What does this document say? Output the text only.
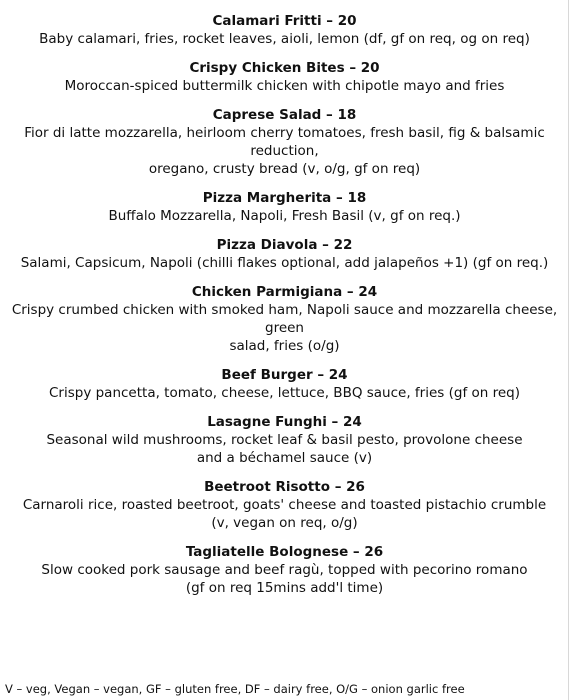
Calamari Fritti – 20
Baby calamari, fries, rocket leaves, aioli, lemon (df, gf on req, og on req)
Crispy Chicken Bites – 20
Moroccan-spiced buttermilk chicken with chipotle mayo and fries
Caprese Salad – 18
Fior di latte mozzarella, heirloom cherry tomatoes, fresh basil, fig & balsamic reduction,
oregano, crusty bread (v, o/g, gf on req)
Pizza Margherita – 18
Buffalo Mozzarella, Napoli, Fresh Basil (v, gf on req.)
Pizza Diavola – 22
Salami, Capsicum, Napoli (chilli flakes optional, add jalapeños +1) (gf on req.)
Chicken Parmigiana – 24
Crispy crumbed chicken with smoked ham, Napoli sauce and mozzarella cheese, green
salad, fries (o/g)
Beef Burger – 24
Crispy pancetta, tomato, cheese, lettuce, BBQ sauce, fries (gf on req)
Lasagne Funghi – 24
Seasonal wild mushrooms, rocket leaf & basil pesto, provolone cheese
and a béchamel sauce (v)
Beetroot Risotto – 26
Carnaroli rice, roasted beetroot, goats' cheese and toasted pistachio crumble
(v, vegan on req, o/g)
Tagliatelle Bolognese – 26
Slow cooked pork sausage and beef ragù, topped with pecorino romano
(gf on req 15mins add'l time)
V – veg, Vegan – vegan, GF – gluten free, DF – dairy free, O/G – onion garlic free
